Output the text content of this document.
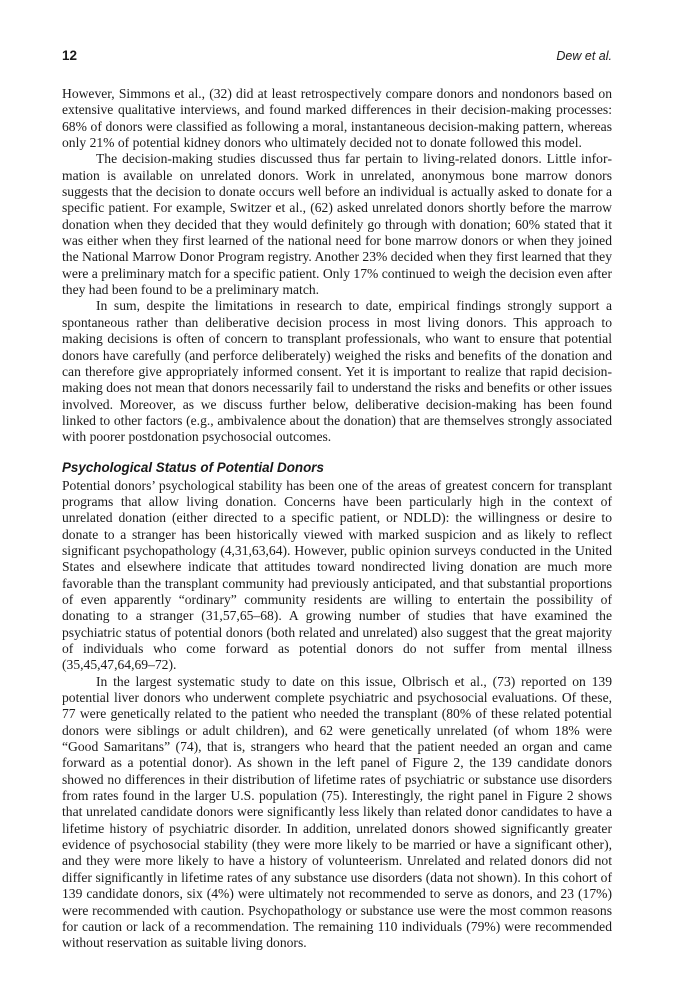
12	Dew et al.

However, Simmons et al., (32) did at least retrospectively compare donors and nondonors based on extensive qualitative interviews, and found marked differences in their decision-making processes: 68% of donors were classified as following a moral, instantaneous decision-making pattern, whereas only 21% of potential kidney donors who ultimately decided not to donate followed this model.

The decision-making studies discussed thus far pertain to living-related donors. Little information is available on unrelated donors. Work in unrelated, anonymous bone marrow donors suggests that the decision to donate occurs well before an individual is actually asked to donate for a specific patient. For example, Switzer et al., (62) asked unrelated donors shortly before the marrow donation when they decided that they would definitely go through with donation; 60% stated that it was either when they first learned of the national need for bone marrow donors or when they joined the National Marrow Donor Program registry. Another 23% decided when they first learned that they were a preliminary match for a specific patient. Only 17% continued to weigh the decision even after they had been found to be a preliminary match.

In sum, despite the limitations in research to date, empirical findings strongly support a spontaneous rather than deliberative decision process in most living donors. This approach to making decisions is often of concern to transplant professionals, who want to ensure that potential donors have carefully (and perforce deliberately) weighed the risks and benefits of the donation and can therefore give appropriately informed consent. Yet it is important to realize that rapid decision-making does not mean that donors necessarily fail to understand the risks and benefits or other issues involved. Moreover, as we discuss further below, deliberative decision-making has been found linked to other factors (e.g., ambivalence about the donation) that are themselves strongly associated with poorer postdonation psychosocial outcomes.

Psychological Status of Potential Donors

Potential donors’ psychological stability has been one of the areas of greatest concern for transplant programs that allow living donation. Concerns have been particularly high in the context of unrelated donation (either directed to a specific patient, or NDLD): the willingness or desire to donate to a stranger has been historically viewed with marked suspicion and as likely to reflect significant psychopathology (4,31,63,64). However, public opinion surveys conducted in the United States and elsewhere indicate that attitudes toward nondirected living donation are much more favorable than the transplant community had previously anticipated, and that substantial proportions of even apparently “ordinary” community residents are willing to entertain the possibility of donating to a stranger (31,57,65–68). A growing number of studies that have examined the psychiatric status of potential donors (both related and unrelated) also suggest that the great majority of individuals who come forward as potential donors do not suffer from mental illness (35,45,47,64,69–72).

In the largest systematic study to date on this issue, Olbrisch et al., (73) reported on 139 potential liver donors who underwent complete psychiatric and psychosocial evaluations. Of these, 77 were genetically related to the patient who needed the transplant (80% of these related potential donors were siblings or adult children), and 62 were genetically unrelated (of whom 18% were “Good Samaritans” (74), that is, strangers who heard that the patient needed an organ and came forward as a potential donor). As shown in the left panel of Figure 2, the 139 candidate donors showed no differences in their distribution of lifetime rates of psychiatric or substance use disorders from rates found in the larger U.S. population (75). Interestingly, the right panel in Figure 2 shows that unrelated candidate donors were significantly less likely than related donor candidates to have a lifetime history of psychiatric disorder. In addition, unrelated donors showed significantly greater evidence of psychosocial stability (they were more likely to be married or have a significant other), and they were more likely to have a history of volunteerism. Unrelated and related donors did not differ significantly in lifetime rates of any substance use disorders (data not shown). In this cohort of 139 candidate donors, six (4%) were ultimately not recommended to serve as donors, and 23 (17%) were recommended with caution. Psychopathology or substance use were the most common reasons for caution or lack of a recommendation. The remaining 110 individuals (79%) were recommended without reservation as suitable living donors.
